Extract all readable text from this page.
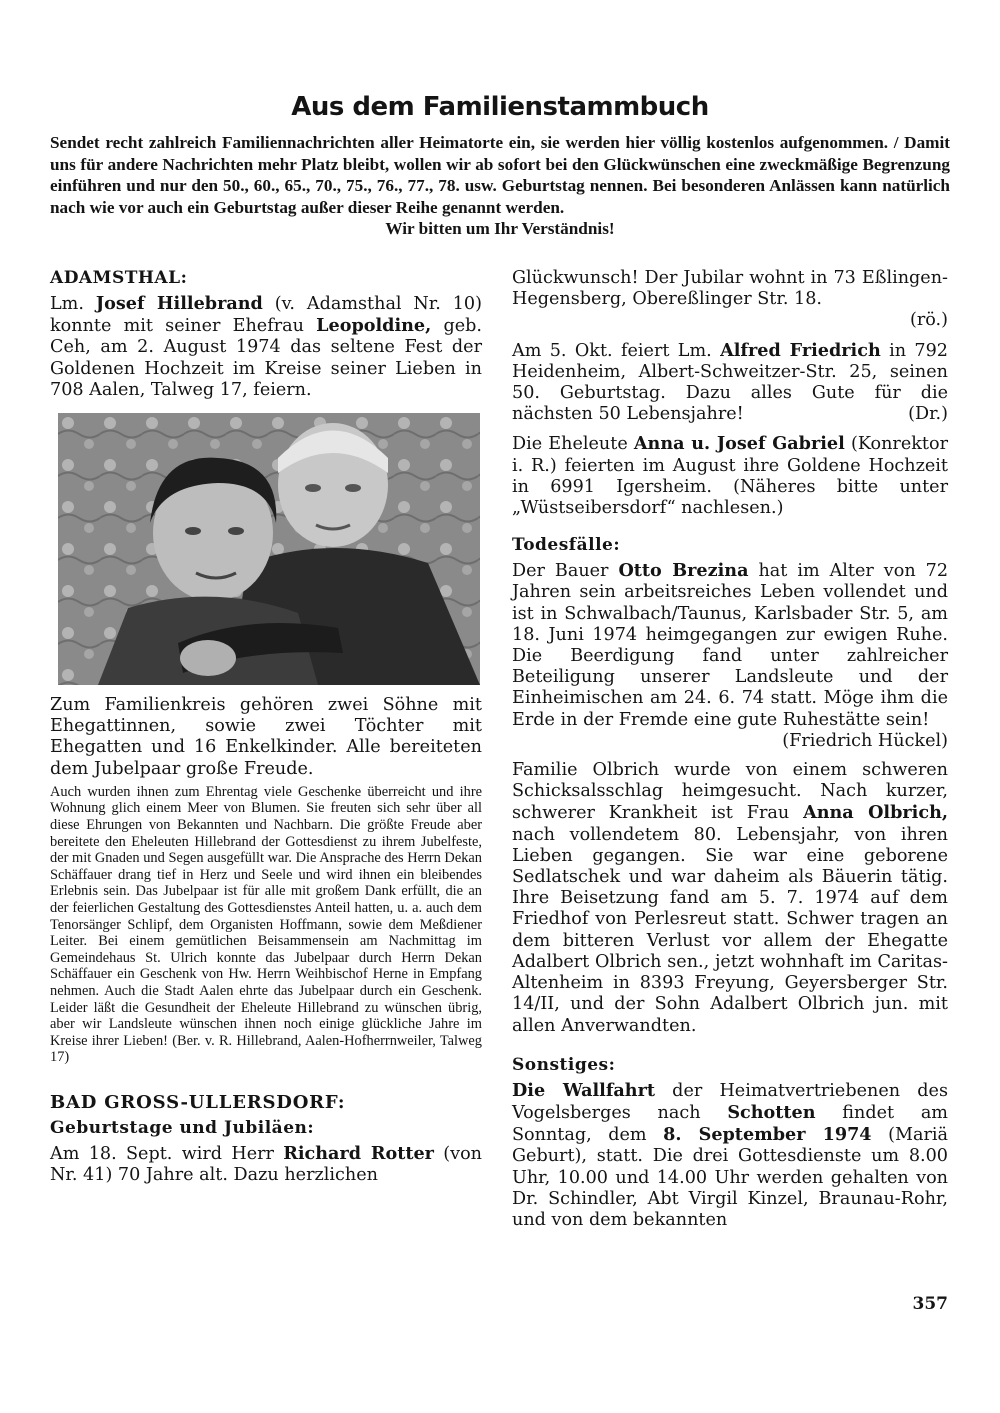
Aus dem Familienstammbuch
Sendet recht zahlreich Familiennachrichten aller Heimatorte ein, sie werden hier völlig kostenlos aufgenommen. / Damit uns für andere Nachrichten mehr Platz bleibt, wollen wir ab sofort bei den Glückwünschen eine zweckmäßige Begrenzung einführen und nur den 50., 60., 65., 70., 75., 76., 77., 78. usw. Geburtstag nennen. Bei besonderen Anlässen kann natürlich nach wie vor auch ein Geburtstag außer dieser Reihe genannt werden.
Wir bitten um Ihr Verständnis!
ADAMSTHAL:

Lm. Josef Hillebrand (v. Adamsthal Nr. 10) konnte mit seiner Ehefrau Leopoldine, geb. Ceh, am 2. August 1974 das seltene Fest der Goldenen Hochzeit im Kreise seiner Lieben in 708 Aalen, Talweg 17, feiern.

Zum Familienkreis gehören zwei Söhne mit Ehegattinnen, sowie zwei Töchter mit Ehegatten und 16 Enkelkinder. Alle bereiteten dem Jubelpaar große Freude.

Auch wurden ihnen zum Ehrentag viele Geschenke überreicht und ihre Wohnung glich einem Meer von Blumen. Sie freuten sich sehr über all diese Ehrungen von Bekannten und Nachbarn. Die größte Freude aber bereitete den Eheleuten Hillebrand der Gottesdienst zu ihrem Jubelfeste, der mit Gnaden und Segen ausgefüllt war. Die Ansprache des Herrn Dekan Schäffauer drang tief in Herz und Seele und wird ihnen ein bleibendes Erlebnis sein. Das Jubelpaar ist für alle mit großem Dank erfüllt, die an der feierlichen Gestaltung des Gottesdienstes Anteil hatten, u. a. auch dem Tenorsänger Schlipf, dem Organisten Hoffmann, sowie dem Meßdiener Leiter. Bei einem gemütlichen Beisammensein am Nachmittag im Gemeindehaus St. Ulrich konnte das Jubelpaar durch Herrn Dekan Schäffauer ein Geschenk von Hw. Herrn Weihbischof Herne in Empfang nehmen. Auch die Stadt Aalen ehrte das Jubelpaar durch ein Geschenk. Leider läßt die Gesundheit der Eheleute Hillebrand zu wünschen übrig, aber wir Landsleute wünschen ihnen noch einige glückliche Jahre im Kreise ihrer Lieben! (Ber. v. R. Hillebrand, Aalen-Hofherrnweiler, Talweg 17)

BAD GROSS-ULLERSDORF:
Geburtstage und Jubiläen:

Am 18. Sept. wird Herr Richard Rotter (von Nr. 41) 70 Jahre alt. Dazu herzlichen

Glückwunsch! Der Jubilar wohnt in 73 Eßlingen-Hegensberg, Obereßlinger Str. 18.
(rö.)

Am 5. Okt. feiert Lm. Alfred Friedrich in 792 Heidenheim, Albert-Schweitzer-Str. 25, seinen 50. Geburtstag. Dazu alles Gute für die nächsten 50 Lebensjahre!	(Dr.)

Die Eheleute Anna u. Josef Gabriel (Konrektor i. R.) feierten im August ihre Goldene Hochzeit in 6991 Igersheim. (Näheres bitte unter „Wüstseibersdorf“ nachlesen.)

Todesfälle:

Der Bauer Otto Brezina hat im Alter von 72 Jahren sein arbeitsreiches Leben vollendet und ist in Schwalbach/Taunus, Karlsbader Str. 5, am 18. Juni 1974 heimgegangen zur ewigen Ruhe. Die Beerdigung fand unter zahlreicher Beteiligung unserer Landsleute und der Einheimischen am 24. 6. 74 statt. Möge ihm die Erde in der Fremde eine gute Ruhestätte sein!
(Friedrich Hückel)

Familie Olbrich wurde von einem schweren Schicksalsschlag heimgesucht. Nach kurzer, schwerer Krankheit ist Frau Anna Olbrich, nach vollendetem 80. Lebensjahr, von ihren Lieben gegangen. Sie war eine geborene Sedlatschek und war daheim als Bäuerin tätig. Ihre Beisetzung fand am 5. 7. 1974 auf dem Friedhof von Perlesreut statt. Schwer tragen an dem bitteren Verlust vor allem der Ehegatte Adalbert Olbrich sen., jetzt wohnhaft im Caritas-Altenheim in 8393 Freyung, Geyersberger Str. 14/II, und der Sohn Adalbert Olbrich jun. mit allen Anverwandten.

Sonstiges:

Die Wallfahrt der Heimatvertriebenen des Vogelsberges nach Schotten findet am Sonntag, dem 8. September 1974 (Mariä Geburt), statt. Die drei Gottesdienste um 8.00 Uhr, 10.00 und 14.00 Uhr werden gehalten von Dr. Schindler, Abt Virgil Kinzel, Braunau-Rohr, und von dem bekannten

357
